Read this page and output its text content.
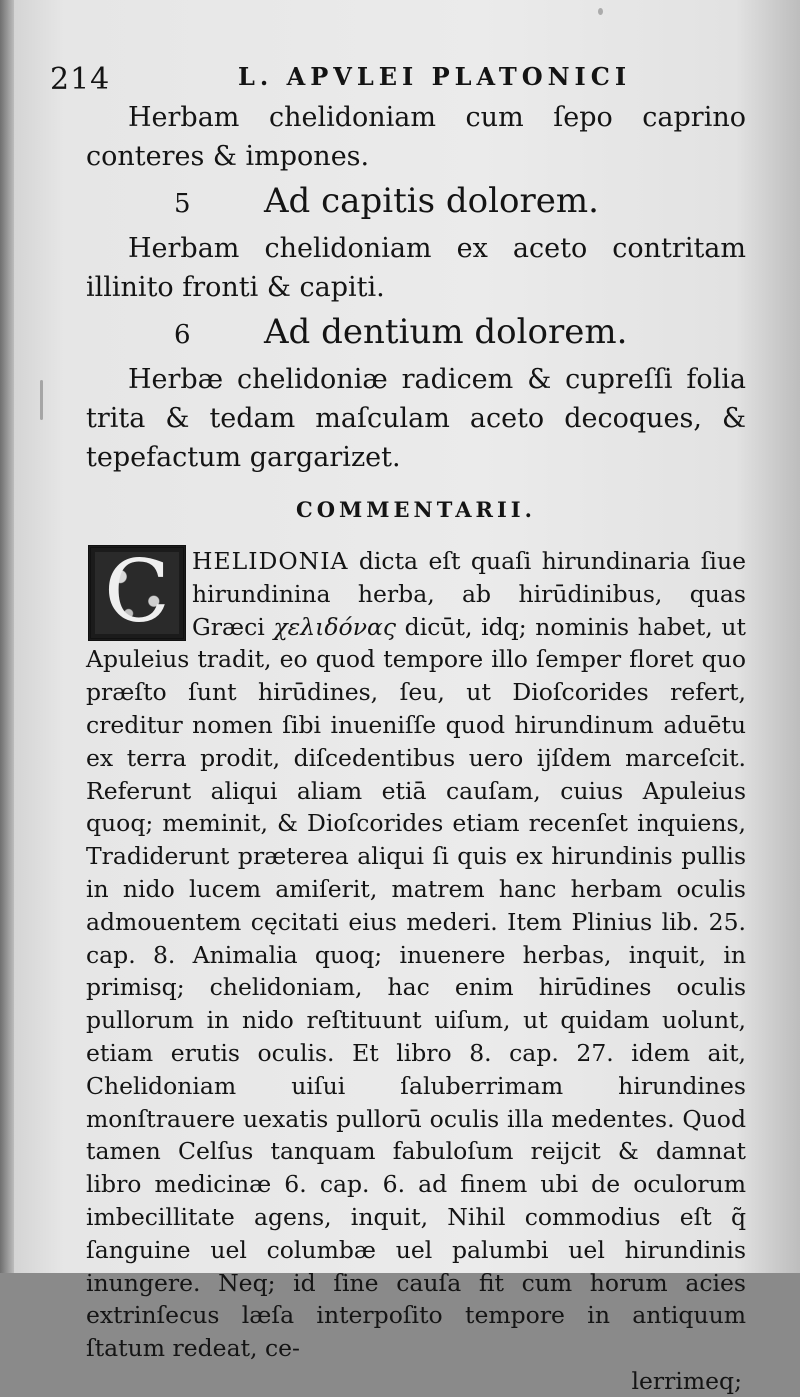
214	L. APVLEI PLATONICI

Herbam chelidoniam cum ſepo caprino conteres & impones.

5 Ad capitis dolorem.

Herbam chelidoniam ex aceto contritam illinito fronti & capiti.

6 Ad dentium dolorem.

Herbæ chelidoniæ radicem & cupreſſi folia trita & tedam maſculam aceto decoques, & tepefactum gargarizet.

COMMENTARII.
C HELIDONIA dicta eſt quaſi hirundinaria ſiue hirundinina herba, ab hirūdinibus, quas Græci χελιδόνας dicūt, idq; nominis habet, ut Apuleius tradit, eo quod tempore illo ſemper floret quo præſto ſunt hirūdines, ſeu, ut Dioſcorides refert, creditur nomen ſibi inueniſſe quod hirundinum aduētu ex terra prodit, diſcedentibus uero ijſdem marceſcit. Referunt aliqui aliam etiā cauſam, cuius Apuleius quoq; meminit, & Dioſcorides etiam recenſet inquiens, Tradiderunt præterea aliqui ſi quis ex hirundinis pullis in nido lucem amiſerit, matrem hanc herbam oculis admouentem cęcitati eius mederi. Item Plinius lib. 25. cap. 8. Animalia quoq; inuenere herbas, inquit, in primisq; chelidoniam, hac enim hirūdines oculis pullorum in nido reſtituunt uiſum, ut quidam uolunt, etiam erutis oculis. Et libro 8. cap. 27. idem ait, Chelidoniam uiſui ſaluberrimam hirundines monſtrauere uexatis pullorū oculis illa medentes. Quod tamen Celſus tanquam fabuloſum reijcit & damnat libro medicinæ 6. cap. 6. ad finem ubi de oculorum imbecillitate agens, inquit, Nihil commodius eſt q̃ ſanguine uel columbæ uel palumbi uel hirundinis inungere. Neq; id ſine cauſa fit cum horum acies extrinſecus læſa interpoſito tempore in antiquum ſtatum redeat, ce-
lerrimeq;
